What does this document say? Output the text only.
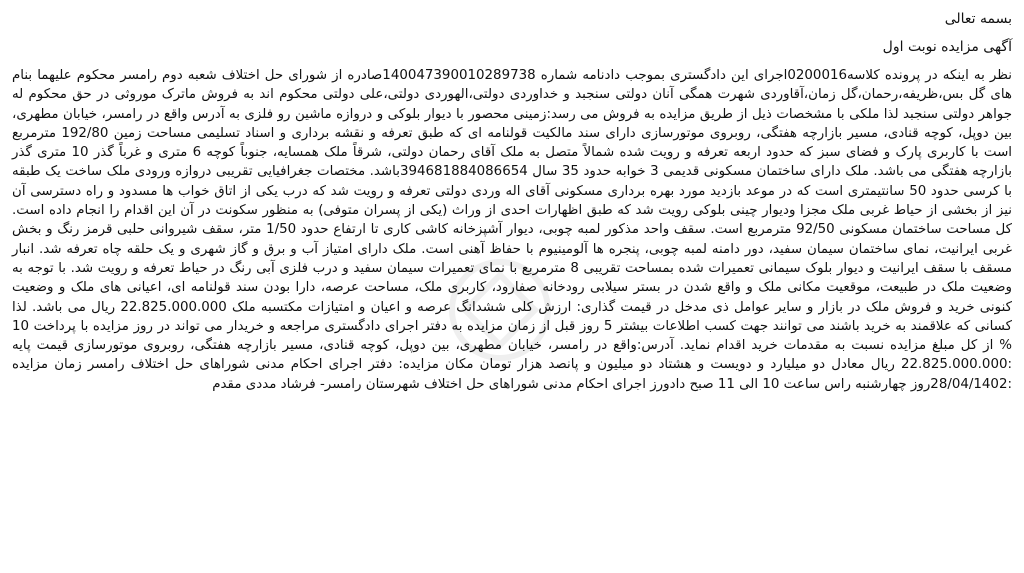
بسمه تعالی
آگهی مزایده نوبت اول

نظر به اینکه در پرونده کلاسه0200016اجرای این دادگستری بموجب دادنامه شماره 140047390010289738صادره از شورای حل اختلاف شعبه دوم رامسر محکوم علیهما بنام های گل بس،ظریفه،رحمان،گل زمان،آقاوردی شهرت همگی آنان دولتی سنجبد و خداوردی دولتی،الهوردی دولتی،علی دولتی محکوم اند به فروش ماترک موروثی در حق محکوم له جواهر دولتی سنجبد لذا ملکی با مشخصات ذیل از طریق مزایده به فروش می رسد:زمینی محصور با دیوار بلوکی و دروازه ماشین رو فلزی به آدرس واقع در رامسر، خیابان مطهری، بین دوپل، کوچه قنادی، مسیر بازارچه هفتگی، روبروی موتورسازی دارای سند مالکیت قولنامه ای که طبق تعرفه و نقشه برداری و اسناد تسلیمی مساحت زمین 192/80 مترمربع است با کاربری پارک و فضای سبز که حدود اربعه تعرفه و رویت شده شمالاً متصل به ملک آقای رحمان دولتی، شرقاً ملک همسایه، جنوباً کوچه 6 متری و غرباً گذر 10 متری گذر بازارچه هفتگی می باشد. ملک دارای ساختمان مسکونی قدیمی 3 خوابه حدود 35 سال 394681884086654باشد. مختصات جغرافیایی تقریبی دروازه ورودی ملک ساخت یک طبقه با کرسی حدود 50 سانتیمتری است که در موعد بازدید مورد بهره برداری مسکونی آقای اله وردی دولتی تعرفه و رویت شد که درب یکی از اتاق خواب ها مسدود و راه دسترسی آن نیز از بخشی از حیاط غربی ملک مجزا ودیوار چینی بلوکی رویت شد که طبق اظهارات احدی از وراث (یکی از پسران متوفی) به منظور سکونت در آن این اقدام را انجام داده است. کل مساحت ساختمان مسکونی 92/50 مترمربع است. سقف واحد مذکور لمبه چوبی، دیوار آشپزخانه کاشی کاری تا ارتفاع حدود 1/50 متر، سقف شیروانی حلبی قرمز رنگ و بخش غربی ایرانیت، نمای ساختمان سیمان سفید، دور دامنه لمبه چوبی، پنجره ها آلومینیوم با حفاظ آهنی است. ملک دارای امتیاز آب و برق و گاز شهری و یک حلقه چاه تعرفه شد. انبار مسقف با سقف ایرانیت و دیوار بلوک سیمانی تعمیرات شده بمساحت تقریبی 8 مترمربع با نمای تعمیرات سیمان سفید و درب فلزی آبی رنگ در حیاط تعرفه و رویت شد. با توجه به وضعیت ملک در طبیعت، موقعیت مکانی ملک و واقع شدن در بستر سیلابی رودخانه صفارود، کاربری ملک، مساحت عرصه، دارا بودن سند قولنامه ای، اعیانی های ملک و وضعیت کنونی خرید و فروش ملک در بازار و سایر عوامل ذی مدخل در قیمت گذاری: ارزش کلی ششدانگ عرصه و اعیان و امتیازات مکتسبه ملک 22.825.000.000 ریال می باشد. لذا کسانی که علاقمند به خرید باشند می توانند جهت کسب اطلاعات بیشتر 5 روز قبل از زمان مزایده به دفتر اجرای دادگستری مراجعه و خریدار می تواند در روز مزایده با پرداخت 10 % از کل مبلغ مزایده نسبت به مقدمات خرید اقدام نماید. آدرس:واقع در رامسر، خیابان مطهری، بین دوپل، کوچه قنادی، مسیر بازارچه هفتگی، روبروی موتورسازی قیمت پایه :22.825.000.000 ریال معادل دو میلیارد و دویست و هشتاد دو میلیون و پانصد هزار تومان مکان مزایده: دفتر اجرای احکام مدنی شوراهای حل اختلاف رامسر زمان مزایده :28/04/1402روز چهارشنبه راس ساعت 10 الی 11 صبح دادورز اجرای احکام مدنی شوراهای حل اختلاف شهرستان رامسر- فرشاد مددی مقدم
